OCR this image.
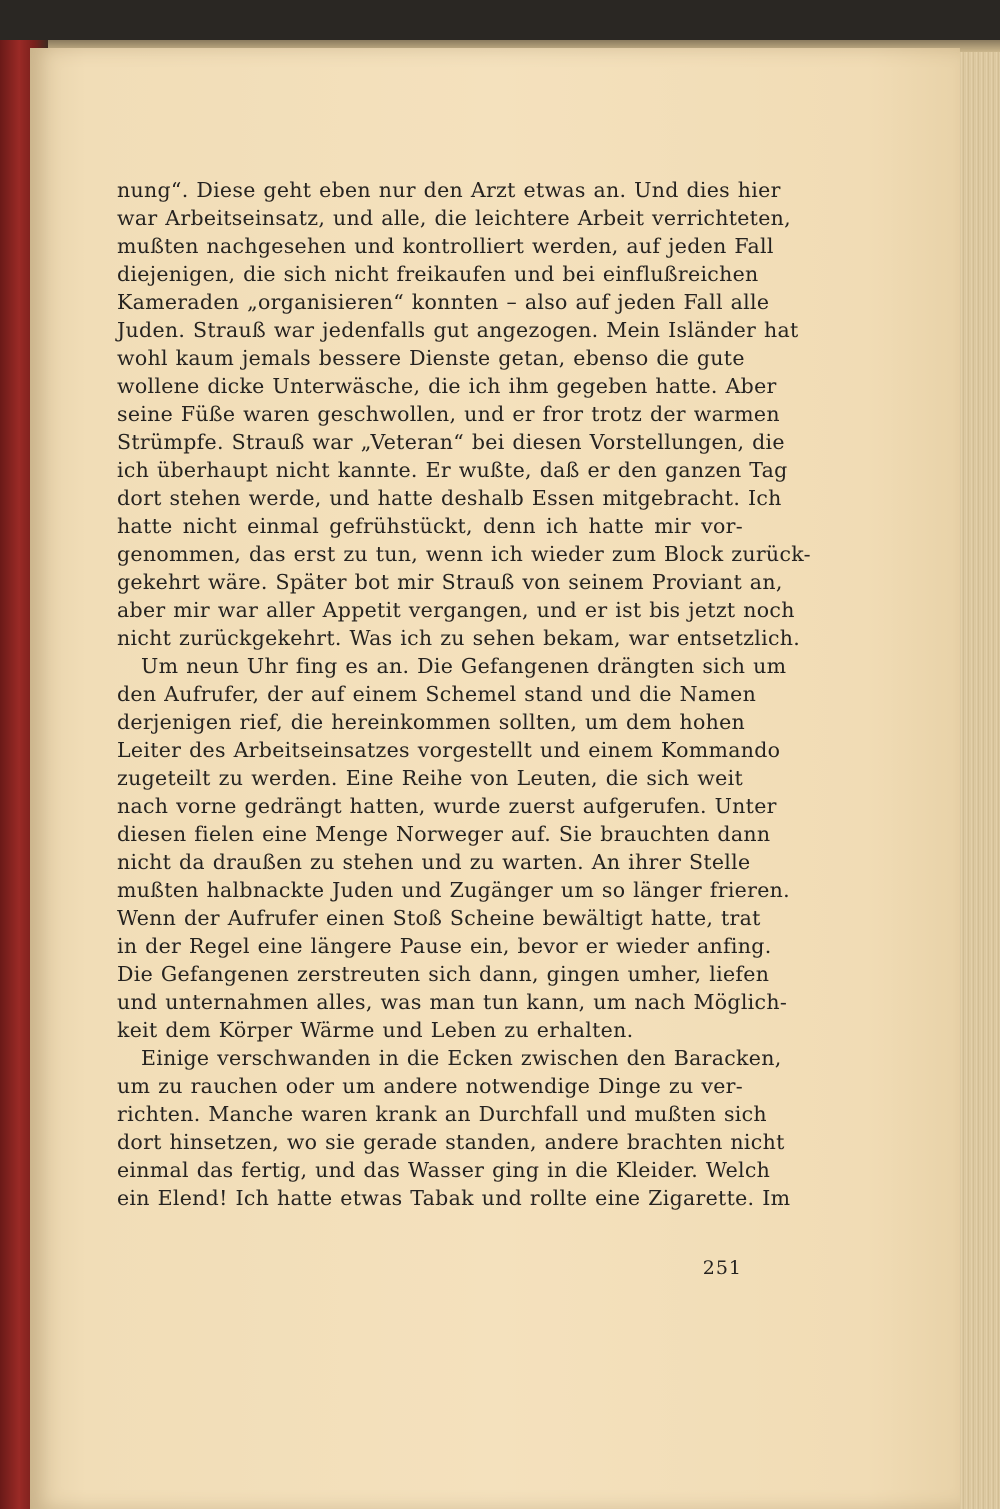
nung“. Diese geht eben nur den Arzt etwas an. Und dies hier
war Arbeitseinsatz, und alle, die leichtere Arbeit verrichteten,
mußten nachgesehen und kontrolliert werden, auf jeden Fall
diejenigen, die sich nicht freikaufen und bei einflußreichen
Kameraden „organisieren“ konnten – also auf jeden Fall alle
Juden. Strauß war jedenfalls gut angezogen. Mein Isländer hat
wohl kaum jemals bessere Dienste getan, ebenso die gute
wollene dicke Unterwäsche, die ich ihm gegeben hatte. Aber
seine Füße waren geschwollen, und er fror trotz der warmen
Strümpfe. Strauß war „Veteran“ bei diesen Vorstellungen, die
ich überhaupt nicht kannte. Er wußte, daß er den ganzen Tag
dort stehen werde, und hatte deshalb Essen mitgebracht. Ich
hatte nicht einmal gefrühstückt, denn ich hatte mir vor-
genommen, das erst zu tun, wenn ich wieder zum Block zurück-
gekehrt wäre. Später bot mir Strauß von seinem Proviant an,
aber mir war aller Appetit vergangen, und er ist bis jetzt noch
nicht zurückgekehrt. Was ich zu sehen bekam, war entsetzlich.
Um neun Uhr fing es an. Die Gefangenen drängten sich um
den Aufrufer, der auf einem Schemel stand und die Namen
derjenigen rief, die hereinkommen sollten, um dem hohen
Leiter des Arbeitseinsatzes vorgestellt und einem Kommando
zugeteilt zu werden. Eine Reihe von Leuten, die sich weit
nach vorne gedrängt hatten, wurde zuerst aufgerufen. Unter
diesen fielen eine Menge Norweger auf. Sie brauchten dann
nicht da draußen zu stehen und zu warten. An ihrer Stelle
mußten halbnackte Juden und Zugänger um so länger frieren.
Wenn der Aufrufer einen Stoß Scheine bewältigt hatte, trat
in der Regel eine längere Pause ein, bevor er wieder anfing.
Die Gefangenen zerstreuten sich dann, gingen umher, liefen
und unternahmen alles, was man tun kann, um nach Möglich-
keit dem Körper Wärme und Leben zu erhalten.
Einige verschwanden in die Ecken zwischen den Baracken,
um zu rauchen oder um andere notwendige Dinge zu ver-
richten. Manche waren krank an Durchfall und mußten sich
dort hinsetzen, wo sie gerade standen, andere brachten nicht
einmal das fertig, und das Wasser ging in die Kleider. Welch
ein Elend! Ich hatte etwas Tabak und rollte eine Zigarette. Im
251
